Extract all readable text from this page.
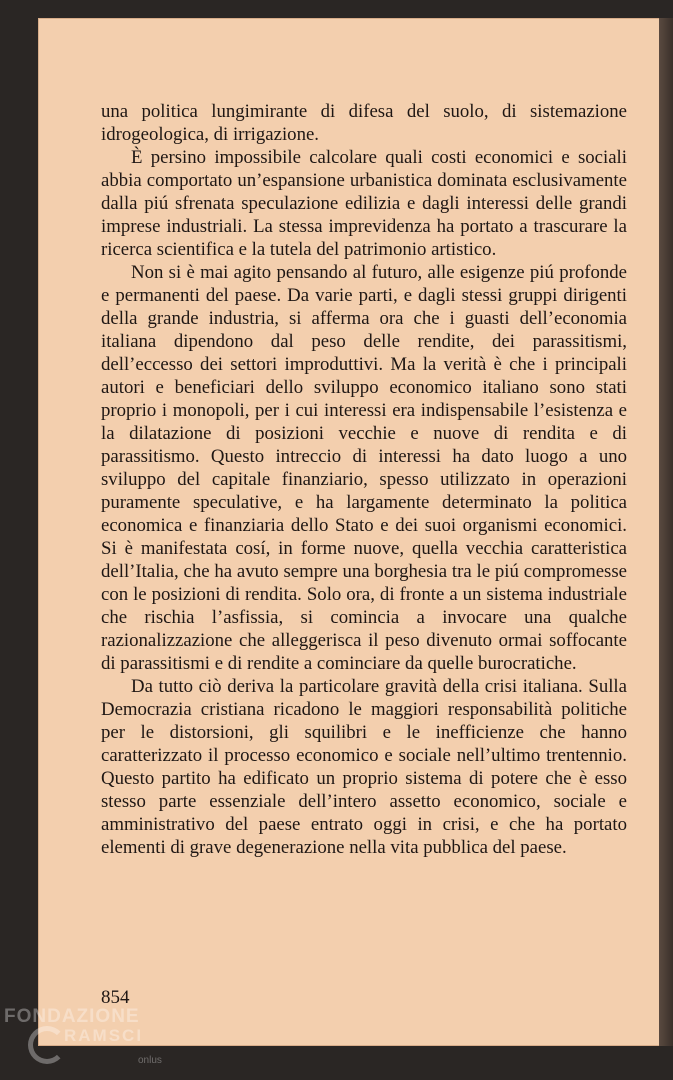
una politica lungimirante di difesa del suolo, di sistemazione idrogeologica, di irrigazione.

È persino impossibile calcolare quali costi economici e sociali abbia comportato un’espansione urbanistica dominata esclusivamente dalla piú sfrenata speculazione edilizia e dagli interessi delle grandi imprese industriali. La stessa imprevidenza ha portato a trascurare la ricerca scientifica e la tutela del patrimonio artistico.

Non si è mai agito pensando al futuro, alle esigenze piú profonde e permanenti del paese. Da varie parti, e dagli stessi gruppi dirigenti della grande industria, si afferma ora che i guasti dell’economia italiana dipendono dal peso delle rendite, dei parassitismi, dell’eccesso dei settori improduttivi. Ma la verità è che i principali autori e beneficiari dello sviluppo economico italiano sono stati proprio i monopoli, per i cui interessi era indispensabile l’esistenza e la dilatazione di posizioni vecchie e nuove di rendita e di parassitismo. Questo intreccio di interessi ha dato luogo a uno sviluppo del capitale finanziario, spesso utilizzato in operazioni puramente speculative, e ha largamente determinato la politica economica e finanziaria dello Stato e dei suoi organismi economici. Si è manifestata cosí, in forme nuove, quella vecchia caratteristica dell’Italia, che ha avuto sempre una borghesia tra le piú compromesse con le posizioni di rendita. Solo ora, di fronte a un sistema industriale che rischia l’asfissia, si comincia a invocare una qualche razionalizzazione che alleggerisca il peso divenuto ormai soffocante di parassitismi e di rendite a cominciare da quelle burocratiche.

Da tutto ciò deriva la particolare gravità della crisi italiana. Sulla Democrazia cristiana ricadono le maggiori responsabilità politiche per le distorsioni, gli squilibri e le inefficienze che hanno caratterizzato il processo economico e sociale nell’ultimo trentennio. Questo partito ha edificato un proprio sistema di potere che è esso stesso parte essenziale dell’intero assetto economico, sociale e amministrativo del paese entrato oggi in crisi, e che ha portato elementi di grave degenerazione nella vita pubblica del paese.

854
FONDAZIONE
RAMSCI
onlus
